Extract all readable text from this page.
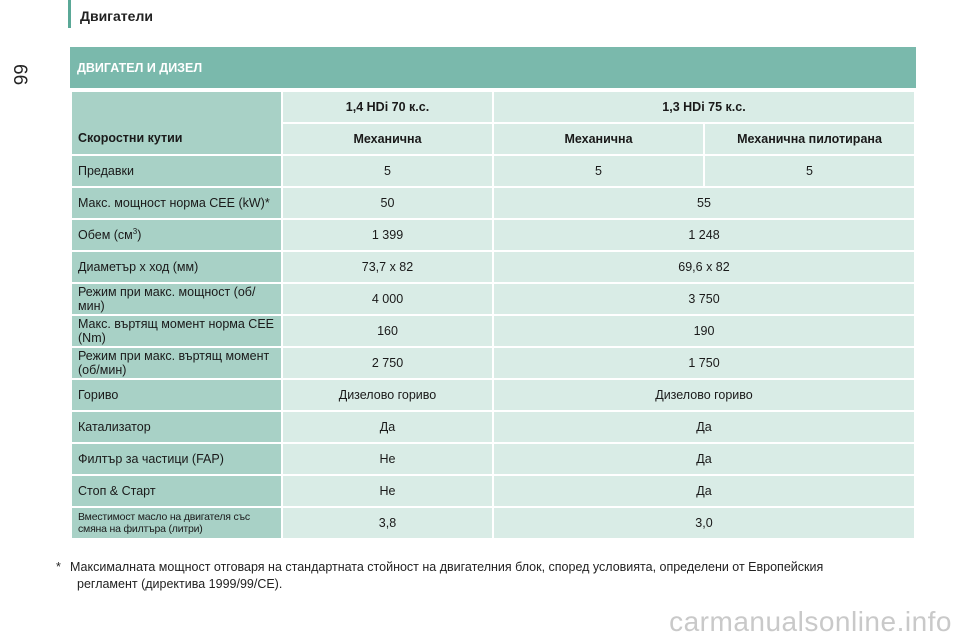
Двигатели
66	ДВИГАТЕЛ И ДИЗЕЛ
Скоростни кутии	1,4 HDi 70 к.с.	1,3 HDi 75 к.с.	
	Механична	Механична	Механична пилотирана
Предавки	5	5	5
Макс. мощност норма CEE (kW)*	50	55	
Обем $(см^3)$	1 399	1 248	
Диаметър x ход (мм)	73,7 x 82	69,6 x 82	
Режим при макс. мощност (об/мин)	4 000	3 750	
Макс. въртящ момент норма CEE (Nm)	160	190	
Режим при макс. въртящ момент (об/мин)	2 750	1 750	
Гориво	Дизелово гориво	Дизелово гориво	
Катализатор	Да	Да	
Филтър за частици (FAP)	Не	Да	
Стоп & Старт	Не	Да	
Вместимост масло на двигателя със смяна на филтъра (литри)	3,8	3,0	
* Максималната мощност отговаря на стандартната стойност на двигателния блок, според условията, определени от Европейския
регламент (директива 1999/99/CE).
carmanualsonline.info
